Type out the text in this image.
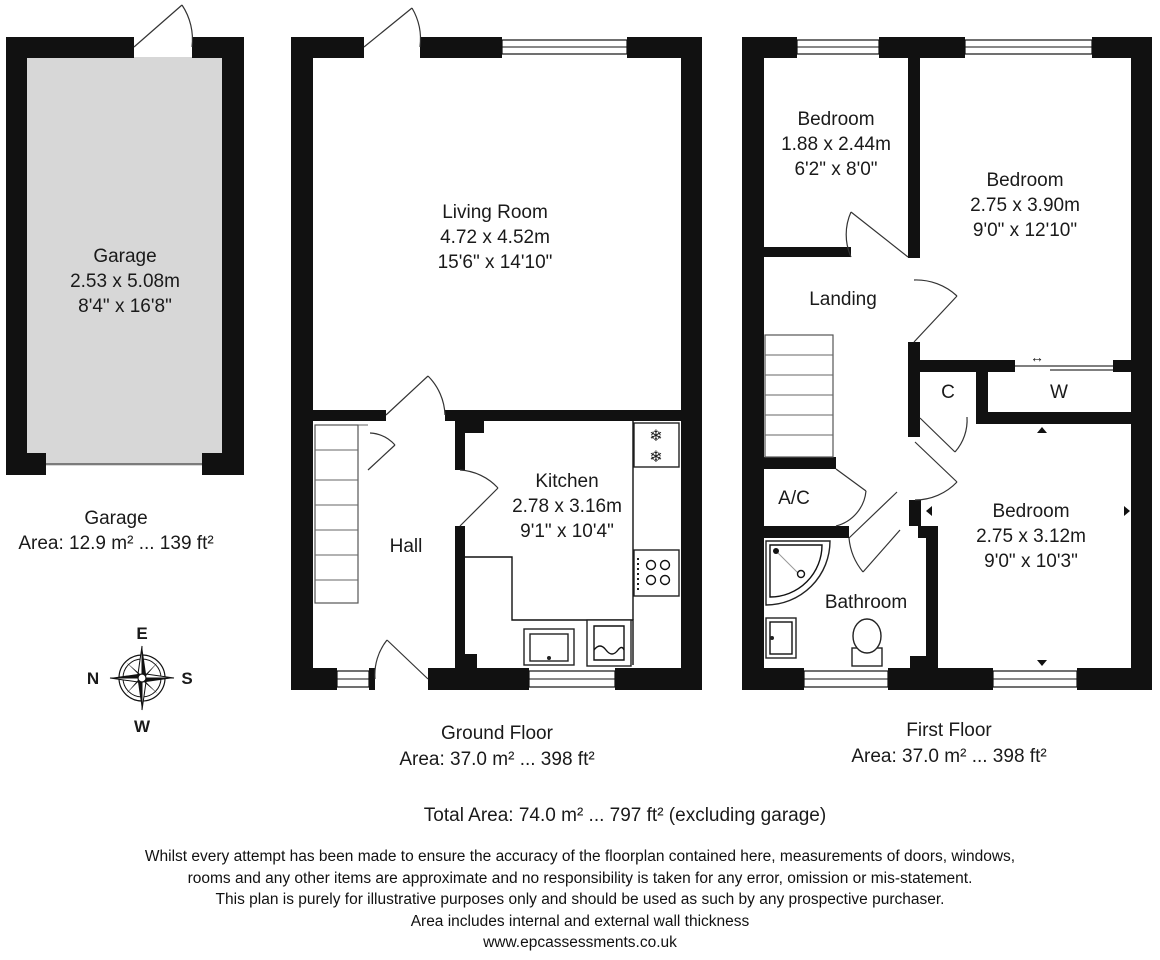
❄
❄
↔
Garage
2.53 x 5.08m
8'4" x 16'8"
Living Room
4.72 x 4.52m
15'6" x 14'10"
Kitchen
2.78 x 3.16m
9'1" x 10'4"
Hall
Bedroom
1.88 x 2.44m
6'2" x 8'0"
Bedroom
2.75 x 3.90m
9'0" x 12'10"
Landing
C	W
A/C
Bedroom
2.75 x 3.12m
9'0" x 10'3"
Bathroom
Garage
Area: 12.9 m² ... 139 ft²
Ground Floor
Area: 37.0 m² ... 398 ft²
First Floor
Area: 37.0 m² ... 398 ft²
Total Area: 74.0 m² ... 797 ft² (excluding garage)
E
N	S
W
Whilst every attempt has been made to ensure the accuracy of the floorplan contained here, measurements of doors, windows,
rooms and any other items are approximate and no responsibility is taken for any error, omission or mis-statement.
This plan is purely for illustrative purposes only and should be used as such by any prospective purchaser.
Area includes internal and external wall thickness
www.epcassessments.co.uk
